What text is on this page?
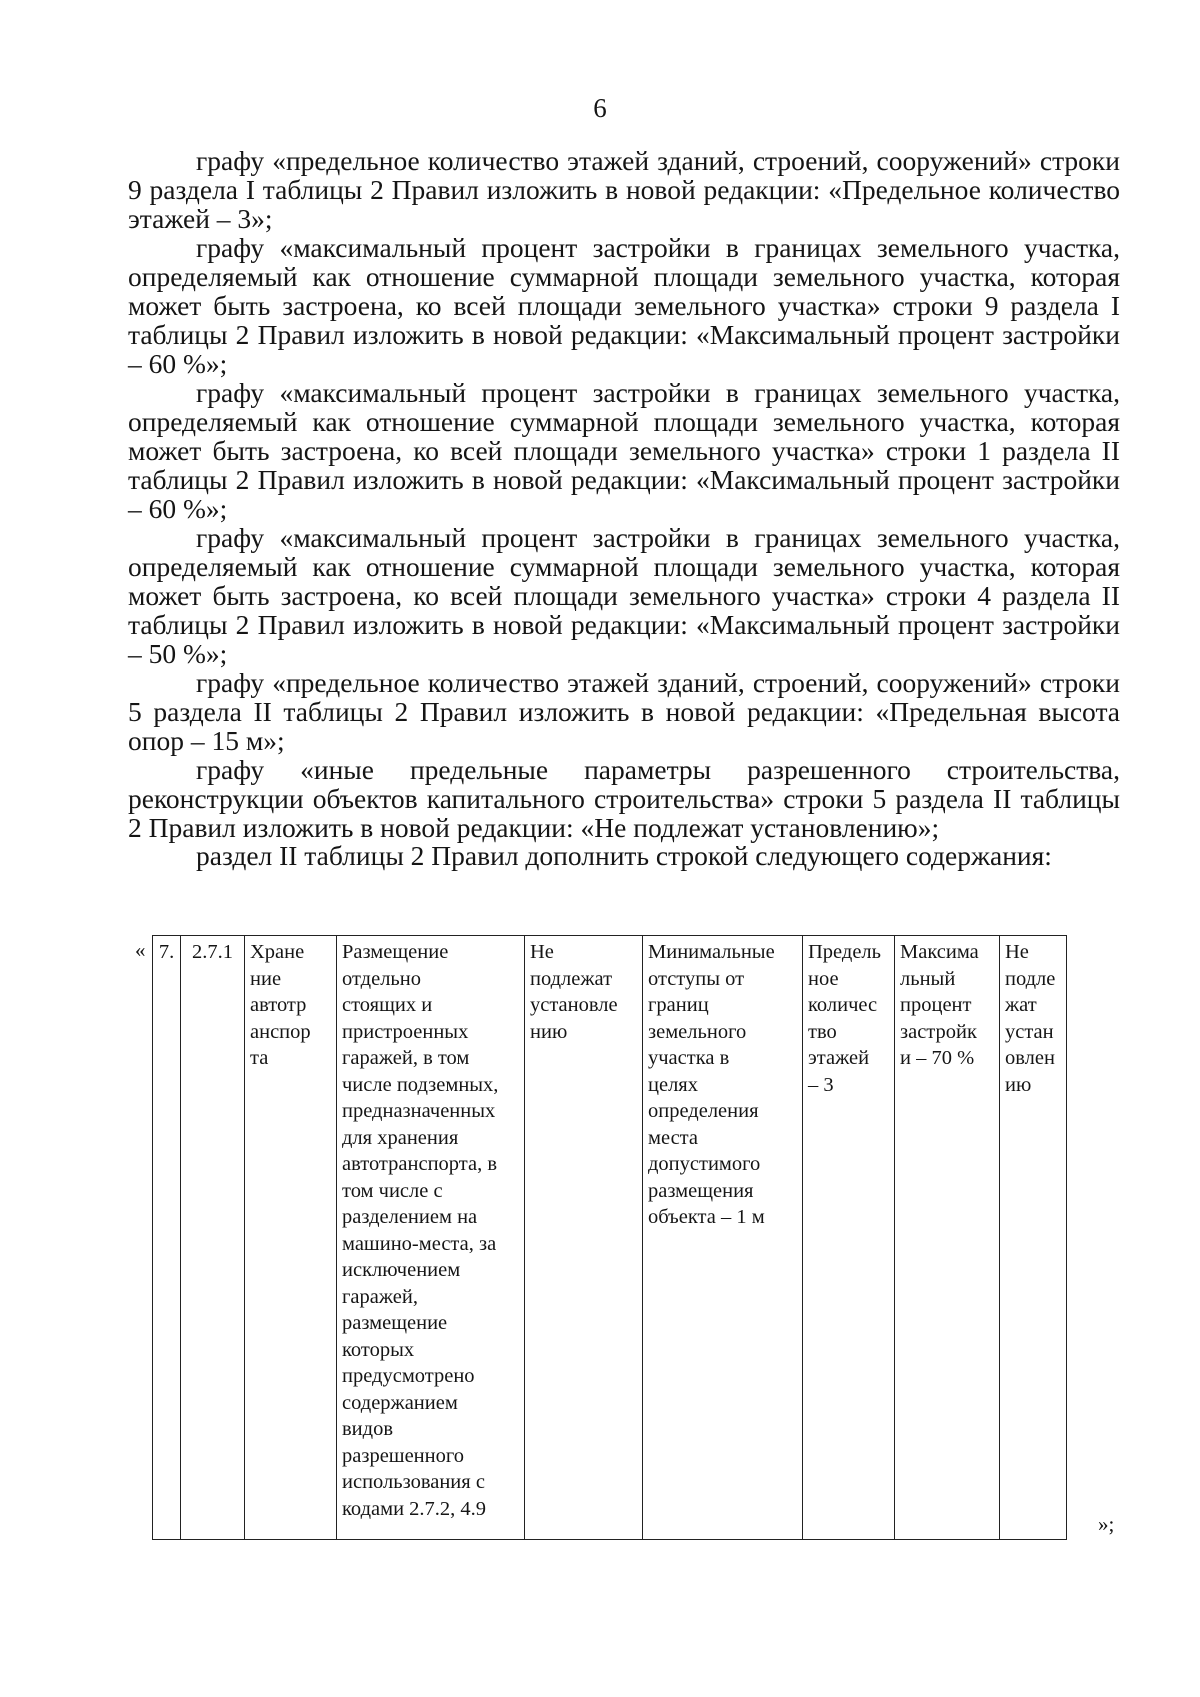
6

графу «предельное количество этажей зданий, строений, сооружений» строки 9 раздела I таблицы 2 Правил изложить в новой редакции: «Предельное количество этажей – 3»;

графу «максимальный процент застройки в границах земельного участка, определяемый как отношение суммарной площади земельного участка, которая может быть застроена, ко всей площади земельного участка» строки 9 раздела I таблицы 2 Правил изложить в новой редакции: «Максимальный процент застройки – 60 %»;

графу «максимальный процент застройки в границах земельного участка, определяемый как отношение суммарной площади земельного участка, которая может быть застроена, ко всей площади земельного участка» строки 1 раздела II таблицы 2 Правил изложить в новой редакции: «Максимальный процент застройки – 60 %»;

графу «максимальный процент застройки в границах земельного участка, определяемый как отношение суммарной площади земельного участка, которая может быть застроена, ко всей площади земельного участка» строки 4 раздела II таблицы 2 Правил изложить в новой редакции: «Максимальный процент застройки – 50 %»;

графу «предельное количество этажей зданий, строений, сооружений» строки 5 раздела II таблицы 2 Правил изложить в новой редакции: «Предельная высота опор – 15 м»;

графу «иные предельные параметры разрешенного строительства, реконструкции объектов капитального строительства» строки 5 раздела II таблицы 2 Правил изложить в новой редакции: «Не подлежат установлению»;

раздел II таблицы 2 Правил дополнить строкой следующего содержания:

« 7.	2.7.1	Хране
ние
автотр
анспор
та

Размещение
отдельно
стоящих и
пристроенных
гаражей, в том
числе подземных,
предназначенных
для хранения
автотранспорта, в
том числе с
разделением на
машино-места, за
исключением
гаражей,
размещение
которых
предусмотрено
содержанием
видов
разрешенного
использования с
кодами 2.7.2, 4.9

Не
подлежат
установле
нию

Минимальные
отступы от
границ
земельного
участка в
целях
определения
места
допустимого
размещения
объекта – 1 м

Предель
ное
количес
тво
этажей
– 3

Максима
льный
процент
застройк
и – 70 %

Не
подле
жат
устан
овлен
ию
»;
